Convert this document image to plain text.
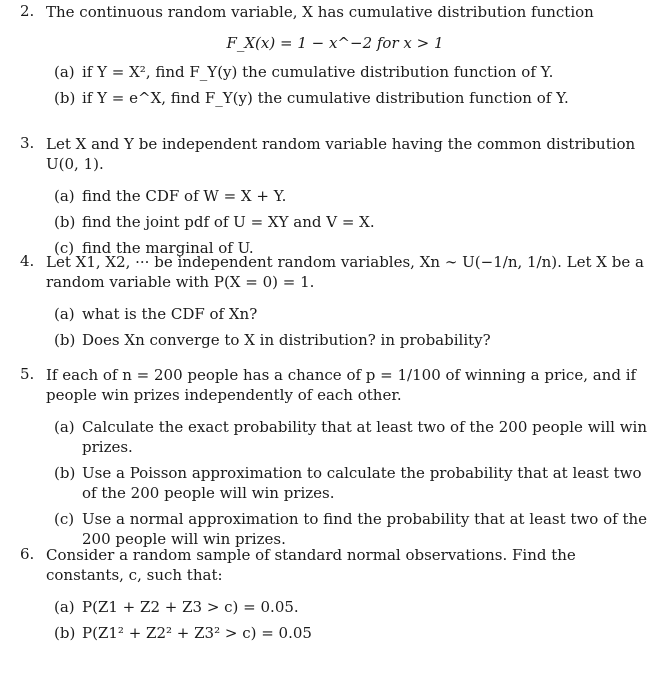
2. The continuous random variable, X has cumulative distribution function
F_X(x) = 1 − x^−2 for x > 1
(a) if Y = X², find F_Y(y) the cumulative distribution function of Y.
(b) if Y = e^X, find F_Y(y) the cumulative distribution function of Y.
3. Let X and Y be independent random variable having the common distribution U(0, 1).
(a) find the CDF of W = X + Y.
(b) find the joint pdf of U = XY and V = X.
(c) find the marginal of U.
4. Let X1, X2, ··· be independent random variables, Xn ∼ U(−1/n, 1/n). Let X be a random variable with P(X = 0) = 1.
(a) what is the CDF of Xn?
(b) Does Xn converge to X in distribution? in probability?
5. If each of n = 200 people has a chance of p = 1/100 of winning a price, and if people win prizes independently of each other.
(a) Calculate the exact probability that at least two of the 200 people will win prizes.
(b) Use a Poisson approximation to calculate the probability that at least two of the 200 people will win prizes.
(c) Use a normal approximation to find the probability that at least two of the 200 people will win prizes.
6. Consider a random sample of standard normal observations. Find the constants, c, such that:
(a) P(Z1 + Z2 + Z3 > c) = 0.05.
(b) P(Z1² + Z2² + Z3² > c) = 0.05
